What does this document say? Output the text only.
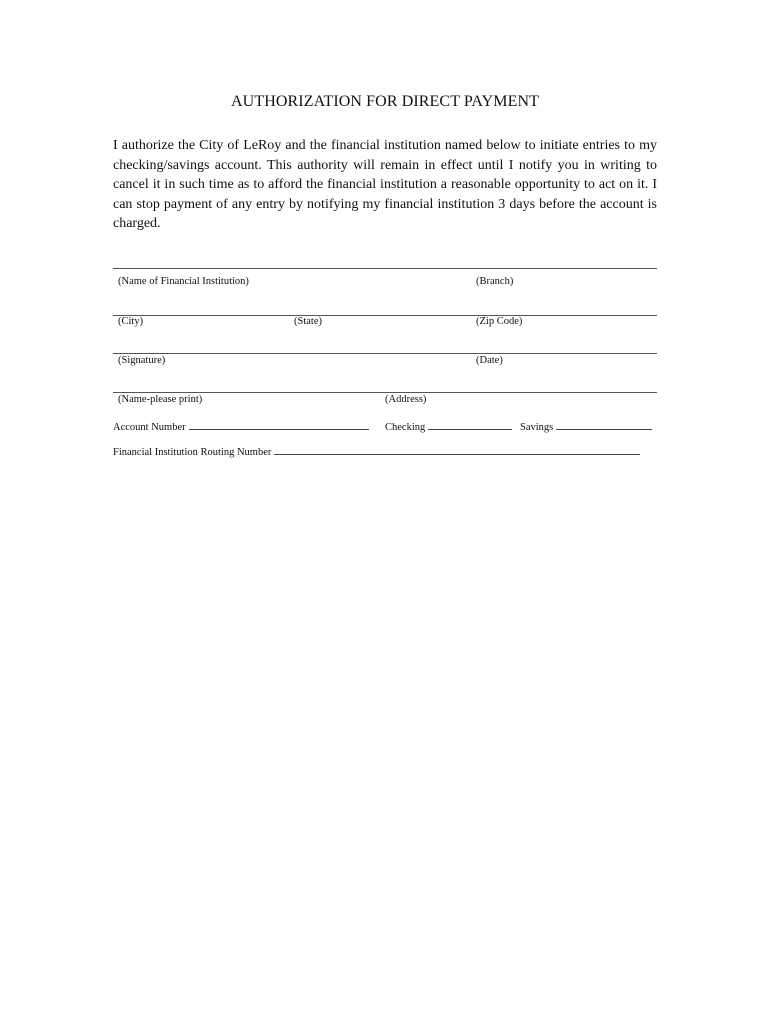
AUTHORIZATION FOR DIRECT PAYMENT

I authorize the City of LeRoy and the financial institution named below to initiate entries to my checking/savings account. This authority will remain in effect until I notify you in writing to cancel it in such time as to afford the financial institution a reasonable opportunity to act on it. I can stop payment of any entry by notifying my financial institution 3 days before the account is charged.

(Name of Financial Institution)	(Branch)
(City)	(State)	(Zip Code)
(Signature)	(Date)
(Name-please print)	(Address)
Account Number	Checking	Savings
Financial Institution Routing Number
